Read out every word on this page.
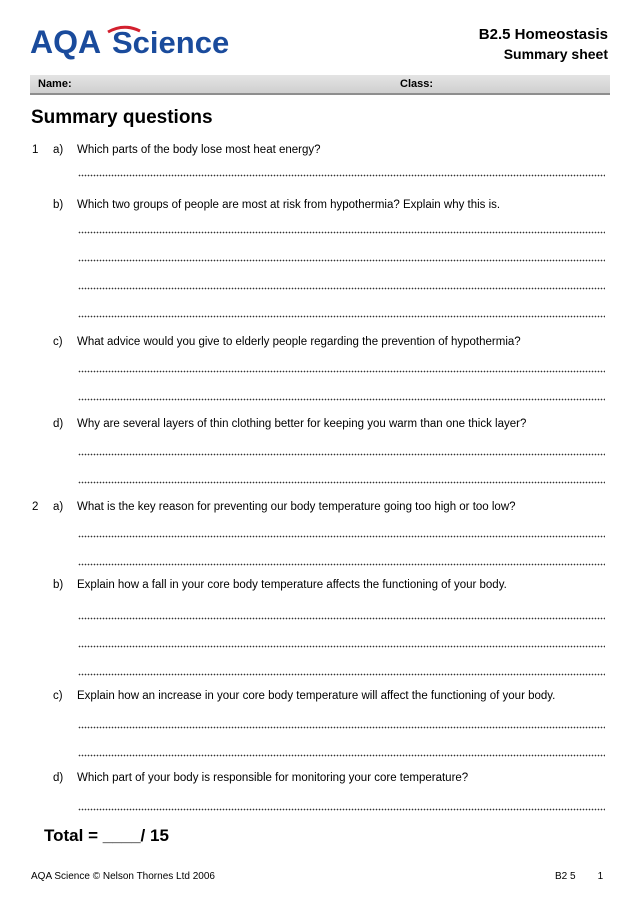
AQA Science	B2.5 Homeostasis
Summary sheet
Name:	Class:
Summary questions
1 a) Which parts of the body lose most heat energy?
b) Which two groups of people are most at risk from hypothermia? Explain why this is.
c) What advice would you give to elderly people regarding the prevention of hypothermia?
d) Why are several layers of thin clothing better for keeping you warm than one thick layer?
2 a) What is the key reason for preventing our body temperature going too high or too low?
b) Explain how a fall in your core body temperature affects the functioning of your body.
c) Explain how an increase in your core body temperature will affect the functioning of your body.
d) Which part of your body is responsible for monitoring your core temperature?
Total = ____/ 15
AQA Science © Nelson Thornes Ltd 2006	B2 5 1
